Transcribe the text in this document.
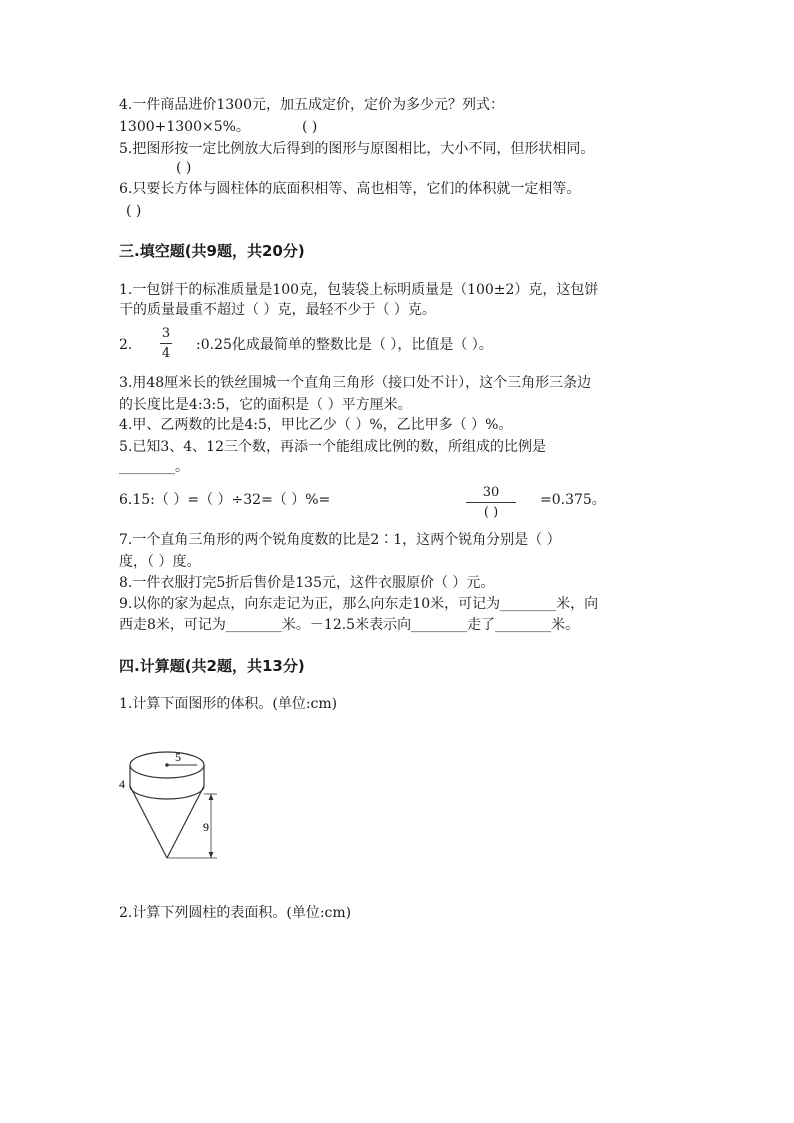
4.一件商品进价1300元，加五成定价，定价为多少元？列式：
1300+1300×5%。	( )
5.把图形按一定比例放大后得到的图形与原图相比，大小不同，但形状相同。
( )
6.只要长方体与圆柱体的底面积相等、高也相等，它们的体积就一定相等。
( )
三.填空题(共9题，共20分)
1.一包饼干的标准质量是100克，包装袋上标明质量是（100±2）克，这包饼
干的质量最重不超过（ ）克，最轻不少于（ ）克。
2.
3
4
:0.25化成最简单的整数比是（ ），比值是（ ）。
3.用48厘米长的铁丝围城一个直角三角形（接口处不计），这个三角形三条边
的长度比是4:3:5，它的面积是（ ）平方厘米。
4.甲、乙两数的比是4:5，甲比乙少（ ）%，乙比甲多（ ）%。
5.已知3、4、12三个数，再添一个能组成比例的数，所组成的比例是
________。
6.15:（ ）=（ ）÷32=（ ）%=	30
( )
=0.375。
7.一个直角三角形的两个锐角度数的比是2∶1，这两个锐角分别是（ ）
度，（ ）度。
8.一件衣服打完5折后售价是135元，这件衣服原价（ ）元。
9.以你的家为起点，向东走记为正，那么向东走10米，可记为________米，向
西走8米，可记为________米。－12.5米表示向________走了________米。
四.计算题(共2题，共13分)
1.计算下面图形的体积。(单位:cm)
5
4
9
2.计算下列圆柱的表面积。(单位:cm)
